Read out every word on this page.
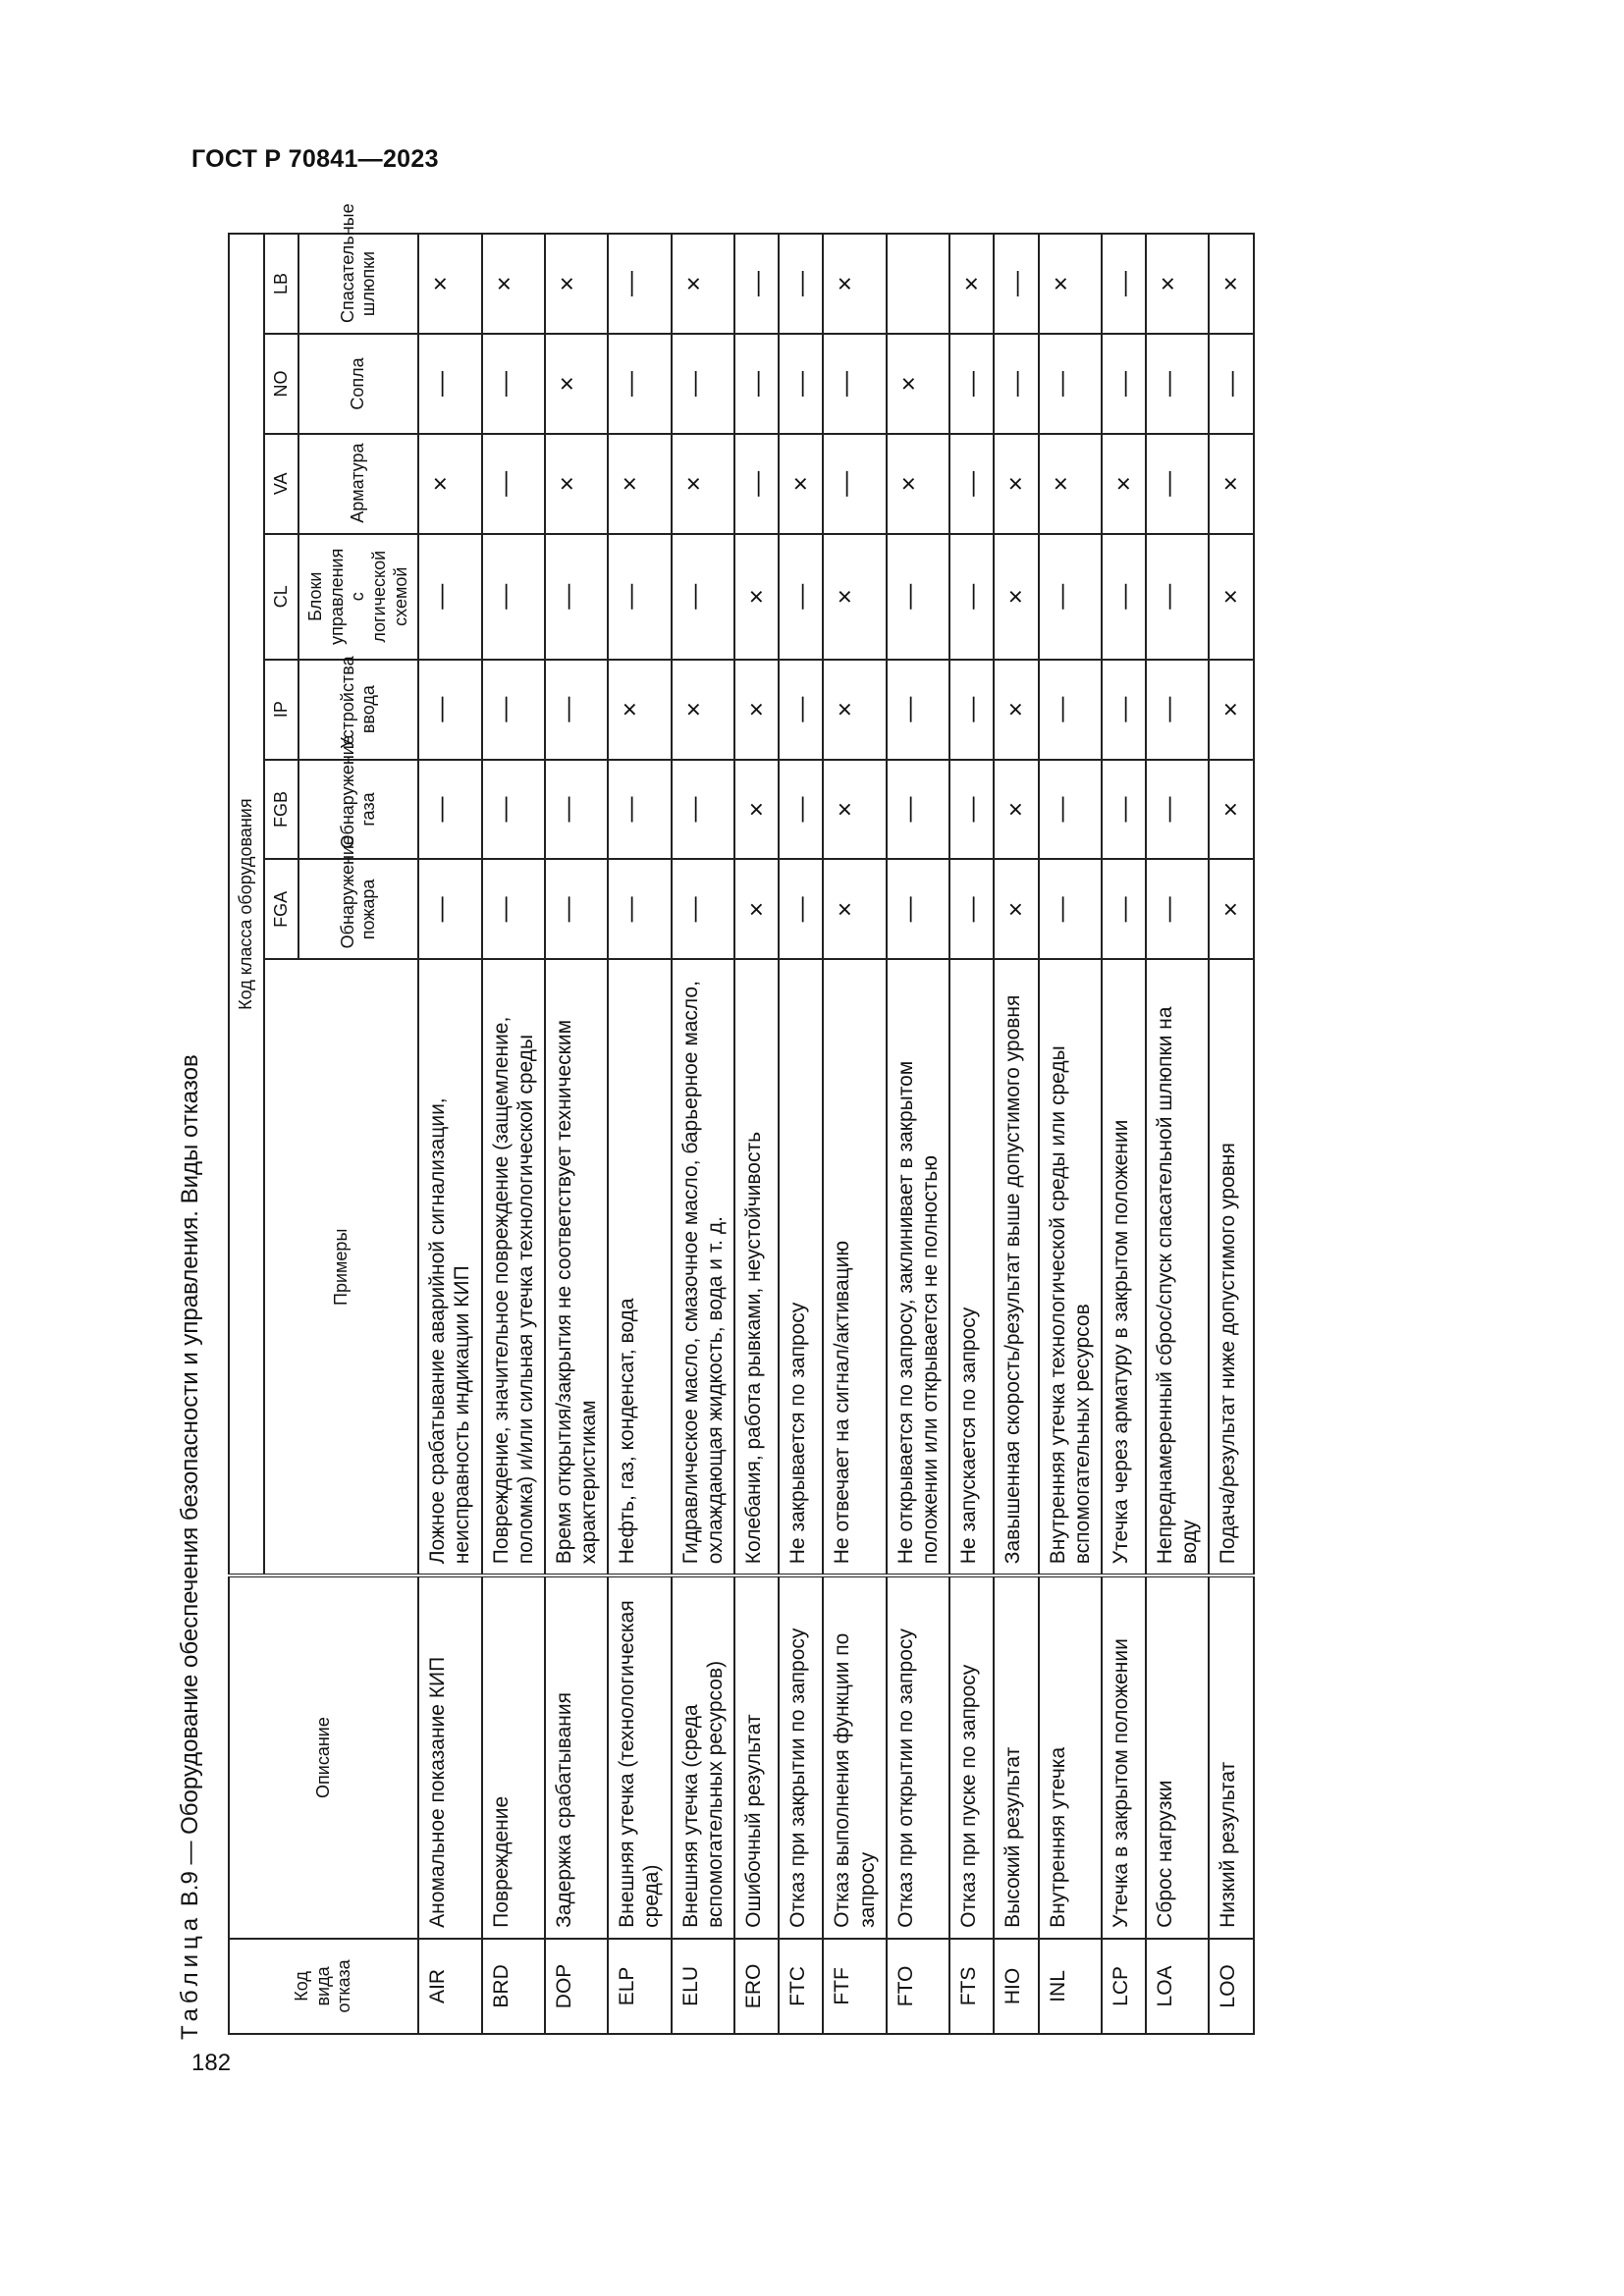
ГОСТ Р 70841—2023
Таблица В.9 — Оборудование обеспечения безопасности и управления. Виды отказов
Код вида отказа	Описание	Код класса оборудования							
		Примеры	FGA	FGB	IP	CL	VA	NO	LB
			Обнаружение пожара	Обнаружение газа	Устройства ввода	Блоки управления с логической схемой	Арматура	Сопла	Спасательные шлюпки
AIR	Аномальное показание КИП	Ложное срабатывание аварийной сигнализации, неисправность индикации КИП	—	—	—	—	×	—	×
BRD	Повреждение	Повреждение, значительное повреждение (защемление, поломка) и/или сильная утечка технологической среды	—	—	—	—	—	—	×
DOP	Задержка срабатывания	Время открытия/закрытия не соответствует техническим характеристикам	—	—	—	—	×	×	×
ELP	Внешняя утечка (технологическая среда)	Нефть, газ, конденсат, вода	—	—	×	—	×	—	—
ELU	Внешняя утечка (среда вспомогательных ресурсов)	Гидравлическое масло, смазочное масло, барьерное масло, охлаждающая жидкость, вода и т. д.	—	—	×	—	×	—	×
ERO	Ошибочный результат	Колебания, работа рывками, неустойчивость	×	×	×	×	—	—	—
FTC	Отказ при закрытии по запросу	Не закрывается по запросу	—	—	—	—	×	—	—
FTF	Отказ выполнения функции по запросу	Не отвечает на сигнал/активацию	×	×	×	×	—	—	×
FTO	Отказ при открытии по запросу	Не открывается по запросу, заклинивает в закрытом положении или открывается не полностью	—	—	—	—	×	×	
FTS	Отказ при пуске по запросу	Не запускается по запросу	—	—	—	—	—	—	×
HIO	Высокий результат	Завышенная скорость/результат выше допустимого уровня	×	×	×	×	×	—	—
INL	Внутренняя утечка	Внутренняя утечка технологической среды или среды вспомогательных ресурсов	—	—	—	—	×	—	×
LCP	Утечка в закрытом положении	Утечка через арматуру в закрытом положении	—	—	—	—	×	—	—
LOA	Сброс нагрузки	Непреднамеренный сброс/спуск спасательной шлюпки на воду	—	—	—	—	—	—	×
LOO	Низкий результат	Подача/результат ниже допустимого уровня	×	×	×	×	×	—	×
182
